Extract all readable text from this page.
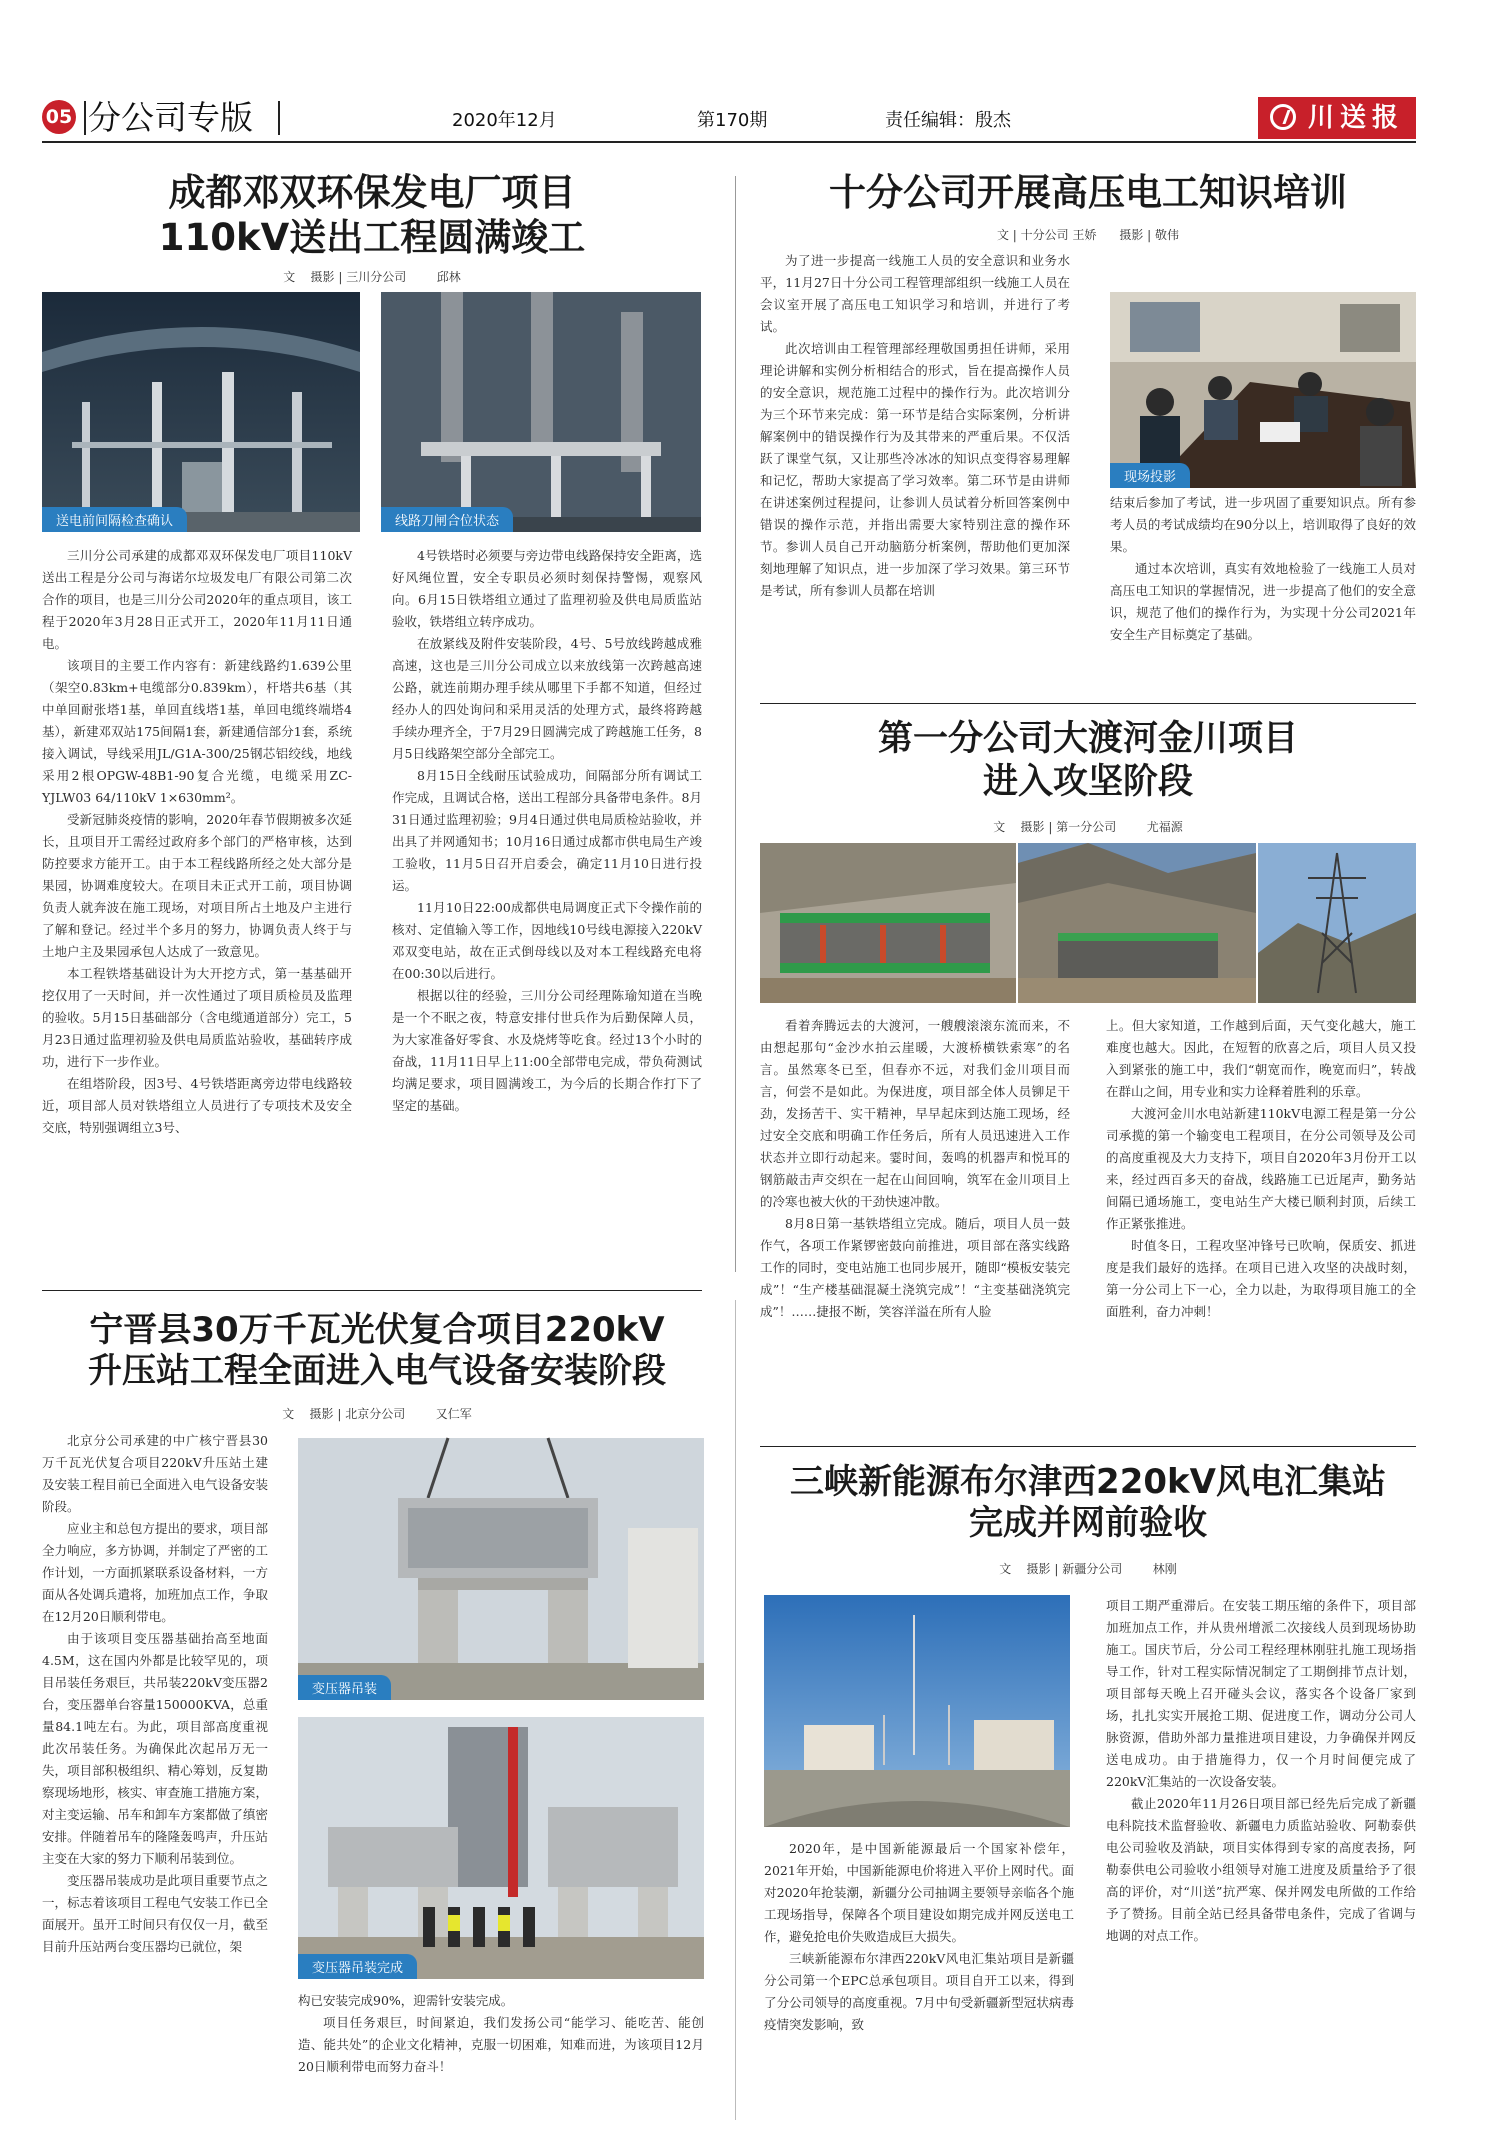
05 分公司专版	2020年12月	第170期	责任编辑：殷杰	川送报
成都邓双环保发电厂项目
110kV送出工程圆满竣工
文    摄影 | 三川分公司        邱林
送电前间隔检查确认	线路刀闸合位状态

三川分公司承建的成都邓双环保发电厂项目110kV送出工程是分公司与海诺尔垃圾发电厂有限公司第二次合作的项目，也是三川分公司2020年的重点项目，该工程于2020年3月28日正式开工，2020年11月11日通电。

该项目的主要工作内容有：新建线路约1.639公里（架空0.83km+电缆部分0.839km），杆塔共6基（其中单回耐张塔1基，单回直线塔1基，单回电缆终端塔4基），新建邓双站175间隔1套，新建通信部分1套，系统接入调试，导线采用JL/G1A-300/25钢芯铝绞线，地线采用2根OPGW-48B1-90复合光缆，电缆采用ZC-YJLW03 64/110kV 1×630mm²。

受新冠肺炎疫情的影响，2020年春节假期被多次延长，且项目开工需经过政府多个部门的严格审核，达到防控要求方能开工。由于本工程线路所经之处大部分是果园，协调难度较大。在项目未正式开工前，项目协调负责人就奔波在施工现场，对项目所占土地及户主进行了解和登记。经过半个多月的努力，协调负责人终于与土地户主及果园承包人达成了一致意见。

本工程铁塔基础设计为大开挖方式，第一基基础开挖仅用了一天时间，并一次性通过了项目质检员及监理的验收。5月15日基础部分（含电缆通道部分）完工，5月23日通过监理初验及供电局质监站验收，基础转序成功，进行下一步作业。

在组塔阶段，因3号、4号铁塔距离旁边带电线路较近，项目部人员对铁塔组立人员进行了专项技术及安全交底，特别强调组立3号、

4号铁塔时必须要与旁边带电线路保持安全距离，选好风绳位置，安全专职员必须时刻保持警惕，观察风向。6月15日铁塔组立通过了监理初验及供电局质监站验收，铁塔组立转序成功。

在放紧线及附件安装阶段，4号、5号放线跨越成雅高速，这也是三川分公司成立以来放线第一次跨越高速公路，就连前期办理手续从哪里下手都不知道，但经过经办人的四处询问和采用灵活的处理方式，最终将跨越手续办理齐全，于7月29日圆满完成了跨越施工任务，8月5日线路架空部分全部完工。

8月15日全线耐压试验成功，间隔部分所有调试工作完成，且调试合格，送出工程部分具备带电条件。8月31日通过监理初验；9月4日通过供电局质检站验收，并出具了并网通知书；10月16日通过成都市供电局生产竣工验收，11月5日召开启委会，确定11月10日进行投运。

11月10日22:00成都供电局调度正式下令操作前的核对、定值输入等工作，因地线10号线电源接入220kV邓双变电站，故在正式倒母线以及对本工程线路充电将在00:30以后进行。

根据以往的经验，三川分公司经理陈瑜知道在当晚是一个不眠之夜，特意安排付世兵作为后勤保障人员，为大家准备好零食、水及烧烤等吃食。经过13个小时的奋战，11月11日早上11:00全部带电完成，带负荷测试均满足要求，项目圆满竣工，为今后的长期合作打下了坚定的基础。

十分公司开展高压电工知识培训
文 | 十分公司 王娇      摄影 | 敬伟

为了进一步提高一线施工人员的安全意识和业务水平，11月27日十分公司工程管理部组织一线施工人员在会议室开展了高压电工知识学习和培训，并进行了考试。

此次培训由工程管理部经理敬国勇担任讲师，采用理论讲解和实例分析相结合的形式，旨在提高操作人员的安全意识，规范施工过程中的操作行为。此次培训分为三个环节来完成：第一环节是结合实际案例，分析讲解案例中的错误操作行为及其带来的严重后果。不仅活跃了课堂气氛，又让那些冷冰冰的知识点变得容易理解和记忆，帮助大家提高了学习效率。第二环节是由讲师在讲述案例过程提问，让参训人员试着分析回答案例中错误的操作示范，并指出需要大家特别注意的操作环节。参训人员自己开动脑筋分析案例，帮助他们更加深刻地理解了知识点，进一步加深了学习效果。第三环节是考试，所有参训人员都在培训

现场投影

结束后参加了考试，进一步巩固了重要知识点。所有参考人员的考试成绩均在90分以上，培训取得了良好的效果。

通过本次培训，真实有效地检验了一线施工人员对高压电工知识的掌握情况，进一步提高了他们的安全意识，规范了他们的操作行为，为实现十分公司2021年安全生产目标奠定了基础。

第一分公司大渡河金川项目
进入攻坚阶段
文    摄影 | 第一分公司        尤福源

看着奔腾远去的大渡河，一艘艘滚滚东流而来，不由想起那句“金沙水拍云崖暖，大渡桥横铁索寒”的名言。虽然寒冬已至，但春亦不远，对我们金川项目而言，何尝不是如此。为保进度，项目部全体人员铆足干劲，发扬苦干、实干精神，早早起床到达施工现场，经过安全交底和明确工作任务后，所有人员迅速进入工作状态并立即行动起来。霎时间，轰鸣的机器声和悦耳的钢筋敲击声交织在一起在山间回响，筑军在金川项目上的冷寒也被大伙的干劲快速冲散。

8月8日第一基铁塔组立完成。随后，项目人员一鼓作气，各项工作紧锣密鼓向前推进，项目部在落实线路工作的同时，变电站施工也同步展开，随即“模板安装完成”！“生产楼基础混凝土浇筑完成”！“主变基础浇筑完成”！……捷报不断，笑容洋溢在所有人脸

上。但大家知道，工作越到后面，天气变化越大，施工难度也越大。因此，在短暂的欣喜之后，项目人员又投入到紧张的施工中，我们“朝宽而作，晚宽而归”，转战在群山之间，用专业和实力诠释着胜利的乐章。

大渡河金川水电站新建110kV电源工程是第一分公司承揽的第一个输变电工程项目，在分公司领导及公司的高度重视及大力支持下，项目自2020年3月份开工以来，经过西百多天的奋战，线路施工已近尾声，勤务站间隔已通场施工，变电站生产大楼已顺利封顶，后续工作正紧张推进。

时值冬日，工程攻坚冲锋号已吹响，保质安、抓进度是我们最好的选择。在项目已进入攻坚的决战时刻，第一分公司上下一心，全力以赴，为取得项目施工的全面胜利，奋力冲刺！

宁晋县30万千瓦光伏复合项目220kV
升压站工程全面进入电气设备安装阶段
文    摄影 | 北京分公司        又仁军

北京分公司承建的中广核宁晋县30万千瓦光伏复合项目220kV升压站土建及安装工程目前已全面进入电气设备安装阶段。

应业主和总包方提出的要求，项目部全力响应，多方协调，并制定了严密的工作计划，一方面抓紧联系设备材料，一方面从各处调兵遣将，加班加点工作，争取在12月20日顺利带电。

由于该项目变压器基础抬高至地面4.5M，这在国内外都是比较罕见的，项目吊装任务艰巨，共吊装220kV变压器2台，变压器单台容量150000KVA，总重量84.1吨左右。为此，项目部高度重视此次吊装任务。为确保此次起吊万无一失，项目部积极组织、精心筹划，反复勘察现场地形，核实、审查施工措施方案，对主变运输、吊车和卸车方案都做了缜密安排。伴随着吊车的隆隆轰鸣声，升压站主变在大家的努力下顺利吊装到位。

变压器吊装成功是此项目重要节点之一，标志着该项目工程电气安装工作已全面展开。虽开工时间只有仅仅一月，截至目前升压站两台变压器均已就位，架

变压器吊装
变压器吊装完成

构已安装完成90%，迎需针安装完成。

项目任务艰巨，时间紧迫，我们发扬公司“能学习、能吃苦、能创造、能共处”的企业文化精神，克服一切困难，知难而进，为该项目12月20日顺利带电而努力奋斗！

三峡新能源布尔津西220kV风电汇集站
完成并网前验收
文    摄影 | 新疆分公司        林刚

2020年，是中国新能源最后一个国家补偿年，2021年开始，中国新能源电价将进入平价上网时代。面对2020年抢装潮，新疆分公司抽调主要领导亲临各个施工现场指导，保障各个项目建设如期完成并网反送电工作，避免抢电价失败造成巨大损失。

三峡新能源布尔津西220kV风电汇集站项目是新疆分公司第一个EPC总承包项目。项目自开工以来，得到了分公司领导的高度重视。7月中旬受新疆新型冠状病毒疫情突发影响，致

项目工期严重滞后。在安装工期压缩的条件下，项目部加班加点工作，并从贵州增派二次接线人员到现场协助施工。国庆节后，分公司工程经理林刚驻扎施工现场指导工作，针对工程实际情况制定了工期倒排节点计划，项目部每天晚上召开碰头会议，落实各个设备厂家到场，扎扎实实开展抢工期、促进度工作，调动分公司人脉资源，借助外部力量推进项目建设，力争确保并网反送电成功。由于措施得力，仅一个月时间便完成了220kV汇集站的一次设备安装。

截止2020年11月26日项目部已经先后完成了新疆电科院技术监督验收、新疆电力质监站验收、阿勒泰供电公司验收及消缺，项目实体得到专家的高度表扬，阿勒泰供电公司验收小组领导对施工进度及质量给予了很高的评价，对“川送”抗严寒、保并网发电所做的工作给予了赞扬。目前全站已经具备带电条件，完成了省调与地调的对点工作。
